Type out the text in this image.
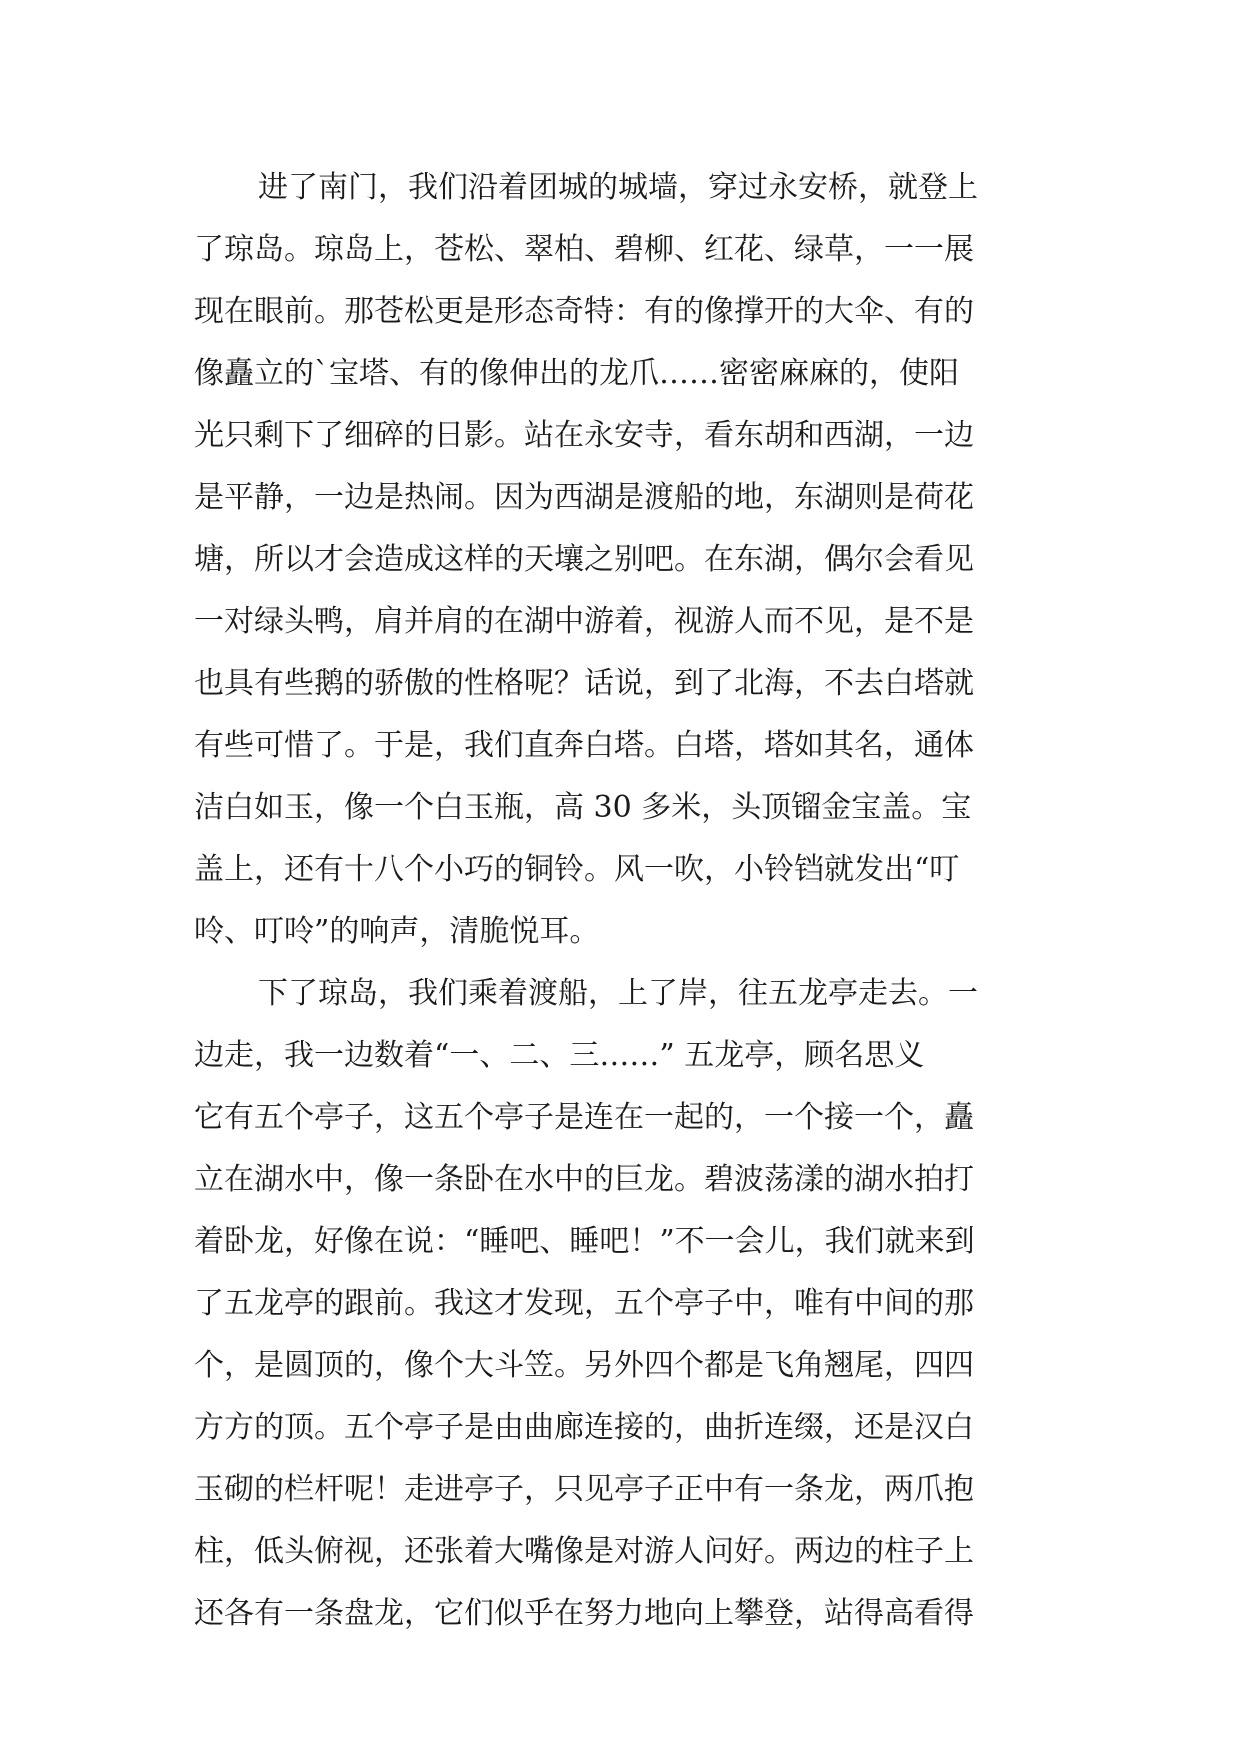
进了南门，我们沿着团城的城墙，穿过永安桥，就登上
了琼岛。琼岛上，苍松、翠柏、碧柳、红花、绿草，一一展
现在眼前。那苍松更是形态奇特：有的像撑开的大伞、有的
像矗立的`宝塔、有的像伸出的龙爪……密密麻麻的，使阳
光只剩下了细碎的日影。站在永安寺，看东胡和西湖，一边
是平静，一边是热闹。因为西湖是渡船的地，东湖则是荷花
塘，所以才会造成这样的天壤之别吧。在东湖，偶尔会看见
一对绿头鸭，肩并肩的在湖中游着，视游人而不见，是不是
也具有些鹅的骄傲的性格呢？话说，到了北海，不去白塔就
有些可惜了。于是，我们直奔白塔。白塔，塔如其名，通体
洁白如玉，像一个白玉瓶，高 30 多米，头顶镏金宝盖。宝
盖上，还有十八个小巧的铜铃。风一吹，小铃铛就发出“叮
呤、叮呤”的响声，清脆悦耳。
下了琼岛，我们乘着渡船，上了岸，往五龙亭走去。一
边走，我一边数着“一、二、三……” 五龙亭，顾名思义
它有五个亭子，这五个亭子是连在一起的，一个接一个，矗
立在湖水中，像一条卧在水中的巨龙。碧波荡漾的湖水拍打
着卧龙，好像在说：“睡吧、睡吧！”不一会儿，我们就来到
了五龙亭的跟前。我这才发现，五个亭子中，唯有中间的那
个，是圆顶的，像个大斗笠。另外四个都是飞角翘尾，四四
方方的顶。五个亭子是由曲廊连接的，曲折连缀，还是汉白
玉砌的栏杆呢！走进亭子，只见亭子正中有一条龙，两爪抱
柱，低头俯视，还张着大嘴像是对游人问好。两边的柱子上
还各有一条盘龙，它们似乎在努力地向上攀登，站得高看得
